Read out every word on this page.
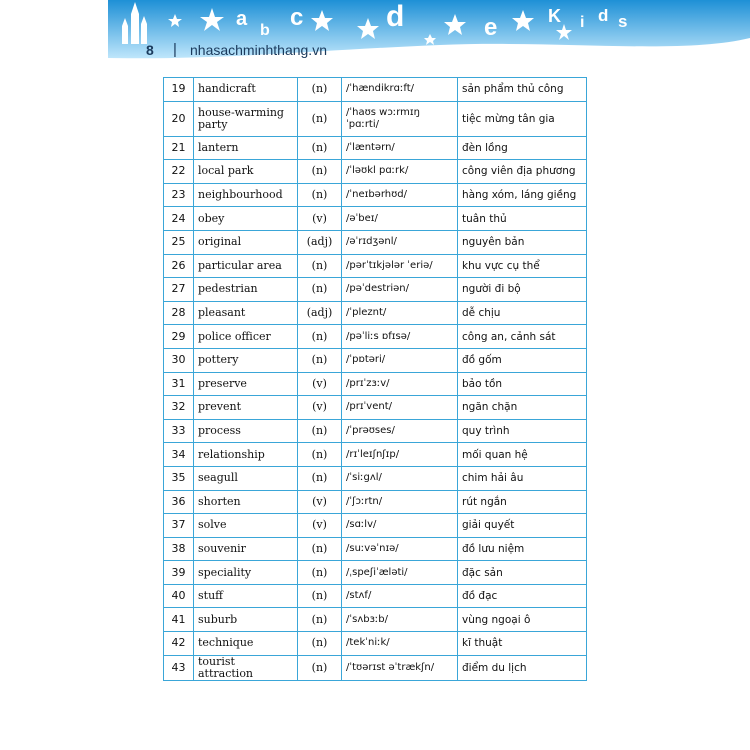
a
b c	d	e	K i d s
8 | nhasachminhthang.vn
19	handicraft	(n)	/ˈhændikrɑːft/	sản phẩm thủ công
20	house-warming party	(n)	/ˈhaʊs wɔːrmɪŋ ˈpɑːrti/	tiệc mừng tân gia
21	lantern	(n)	/ˈlæntərn/	đèn lồng
22	local park	(n)	/ˈləʊkl pɑːrk/	công viên địa phương
23	neighbourhood	(n)	/ˈneɪbərhʊd/	hàng xóm, láng giềng
24	obey	(v)	/əˈbeɪ/	tuân thủ
25	original	(adj)	/əˈrɪdʒənl/	nguyên bản
26	particular area	(n)	/pərˈtɪkjələr ˈeriə/	khu vực cụ thể
27	pedestrian	(n)	/pəˈdestriən/	người đi bộ
28	pleasant	(adj)	/ˈpleznt/	dễ chịu
29	police officer	(n)	/pəˈliːs ɒfɪsə/	công an, cảnh sát
30	pottery	(n)	/ˈpɒtəri/	đồ gốm
31	preserve	(v)	/prɪˈzɜːv/	bảo tồn
32	prevent	(v)	/prɪˈvent/	ngăn chặn
33	process	(n)	/ˈprəʊses/	quy trình
34	relationship	(n)	/rɪˈleɪʃnʃɪp/	mối quan hệ
35	seagull	(n)	/ˈsiːgʌl/	chim hải âu
36	shorten	(v)	/ˈʃɔːrtn/	rút ngắn
37	solve	(v)	/sɑːlv/	giải quyết
38	souvenir	(n)	/suːvəˈnɪə/	đồ lưu niệm
39	speciality	(n)	/ˌspeʃiˈæləti/	đặc sản
40	stuff	(n)	/stʌf/	đồ đạc
41	suburb	(n)	/ˈsʌbɜːb/	vùng ngoại ô
42	technique	(n)	/tekˈniːk/	kĩ thuật
43	tourist attraction	(n)	/ˈtʊərɪst əˈtrækʃn/	điểm du lịch
